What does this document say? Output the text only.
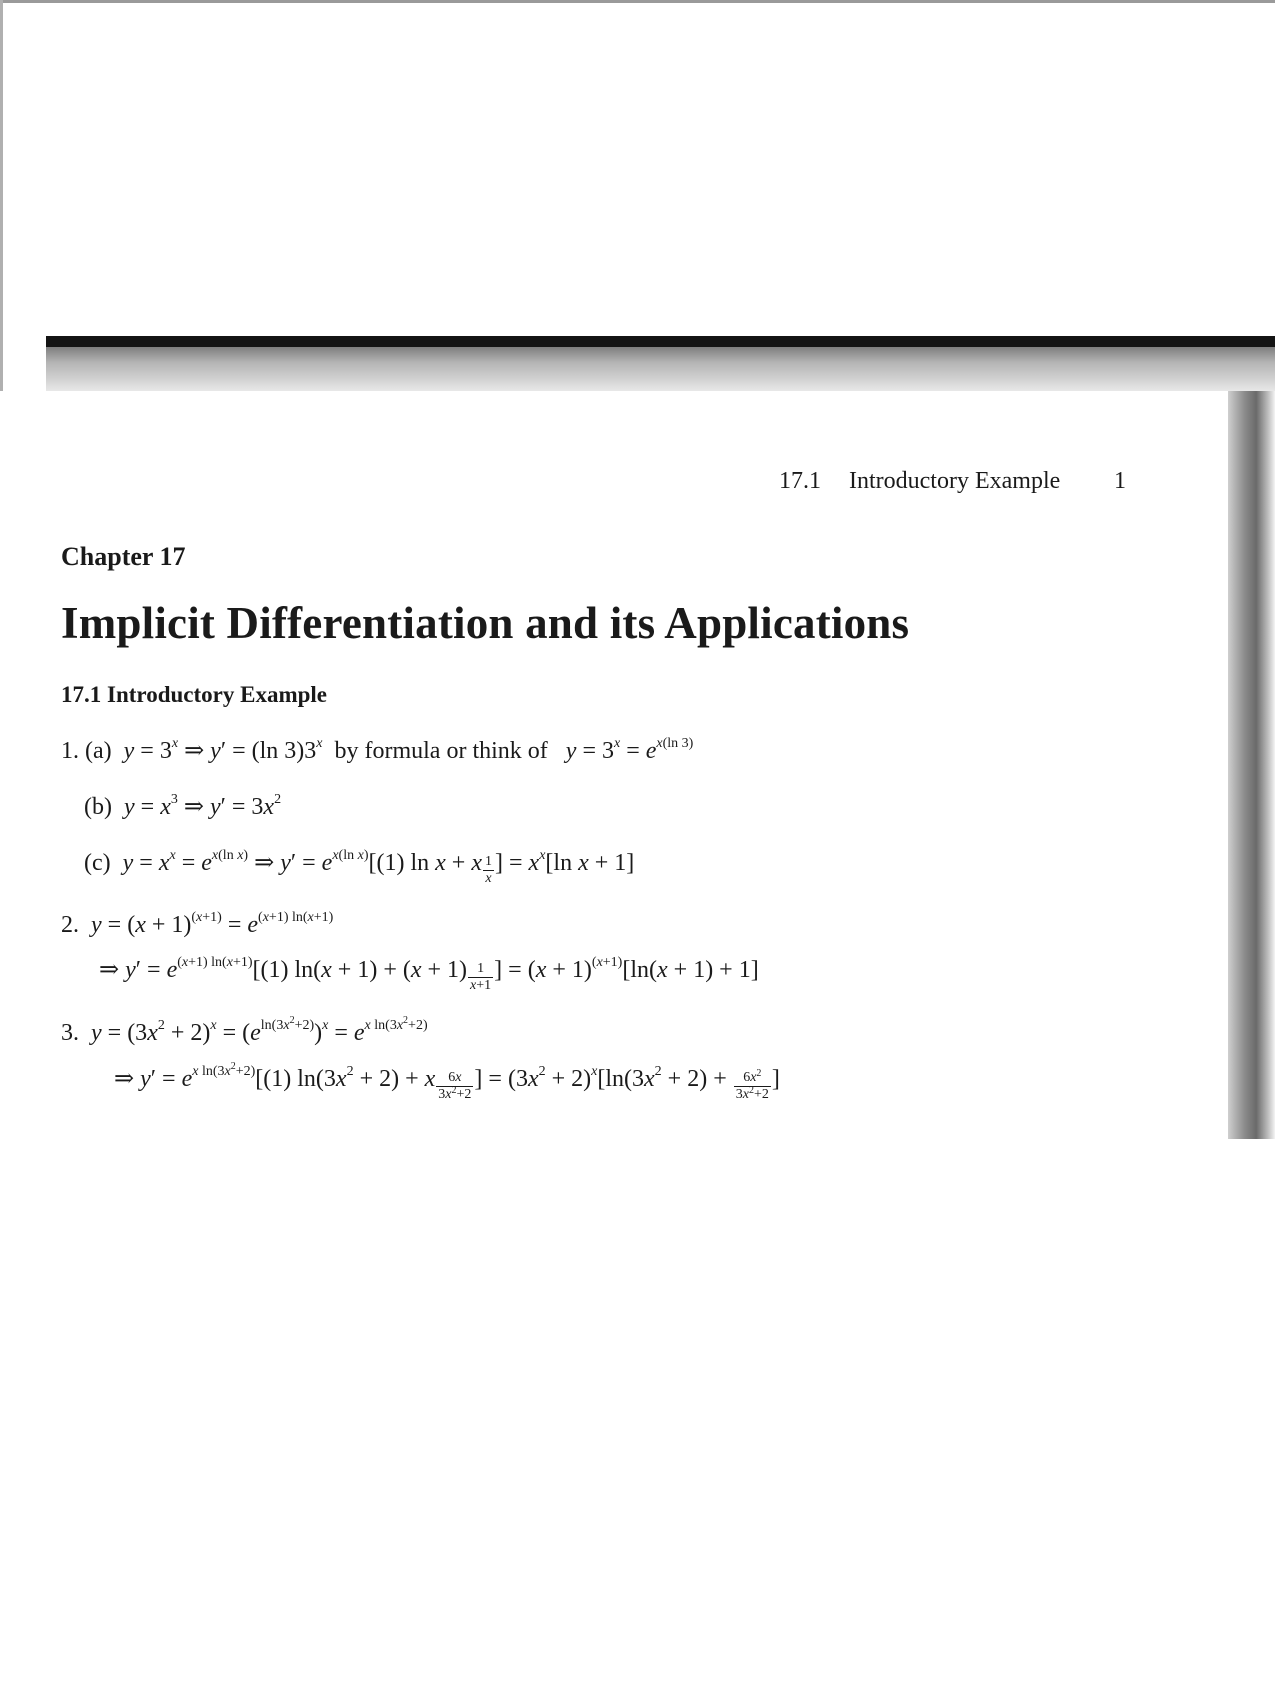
17.1 Introductory Example 1
Chapter 17
Implicit Differentiation and its Applications
17.1 Introductory Example
1. (a) $y = 3^x$ ⇒ y′ = (ln 3)3$^x$ by formula or think of $y = 3^x = e^{x(ln 3)}$
(b) $y = x^3$ ⇒ $y' = 3x^2$
(c) $y = x^x = e^{x(ln x)}$ ⇒ $y' = e^{x(ln x)}[(1)$ ln x + x $\frac{1}{x}$ ] = $x^x[\ln$ x + 1]
2. $y = (x + 1)^{(x+1)} = e^{(x+1) ln(x+1)}$
⇒ $y' = e^{(x+1) ln(x+1)}[(1) \ln(x + 1) + (x + 1) \frac{1}{x+1}$ ] = $(x + 1)^{(x+1)}[\ln(x + 1) + 1]$
3. $y = (3x^2 + 2)^x = (e^{ln(3x^2+2)})^x = e^{x ln(3x^2+2)}$
⇒ $y' = e^{x ln(3x^2+2)}[(1) \ln(3x^2 + 2) + x \frac{6x}{3x^2+2}$ ] = $(3x^2 + 2)^x[\ln(3x^2 + 2) + \frac{6x^2}{3x^2+2}$ ]
